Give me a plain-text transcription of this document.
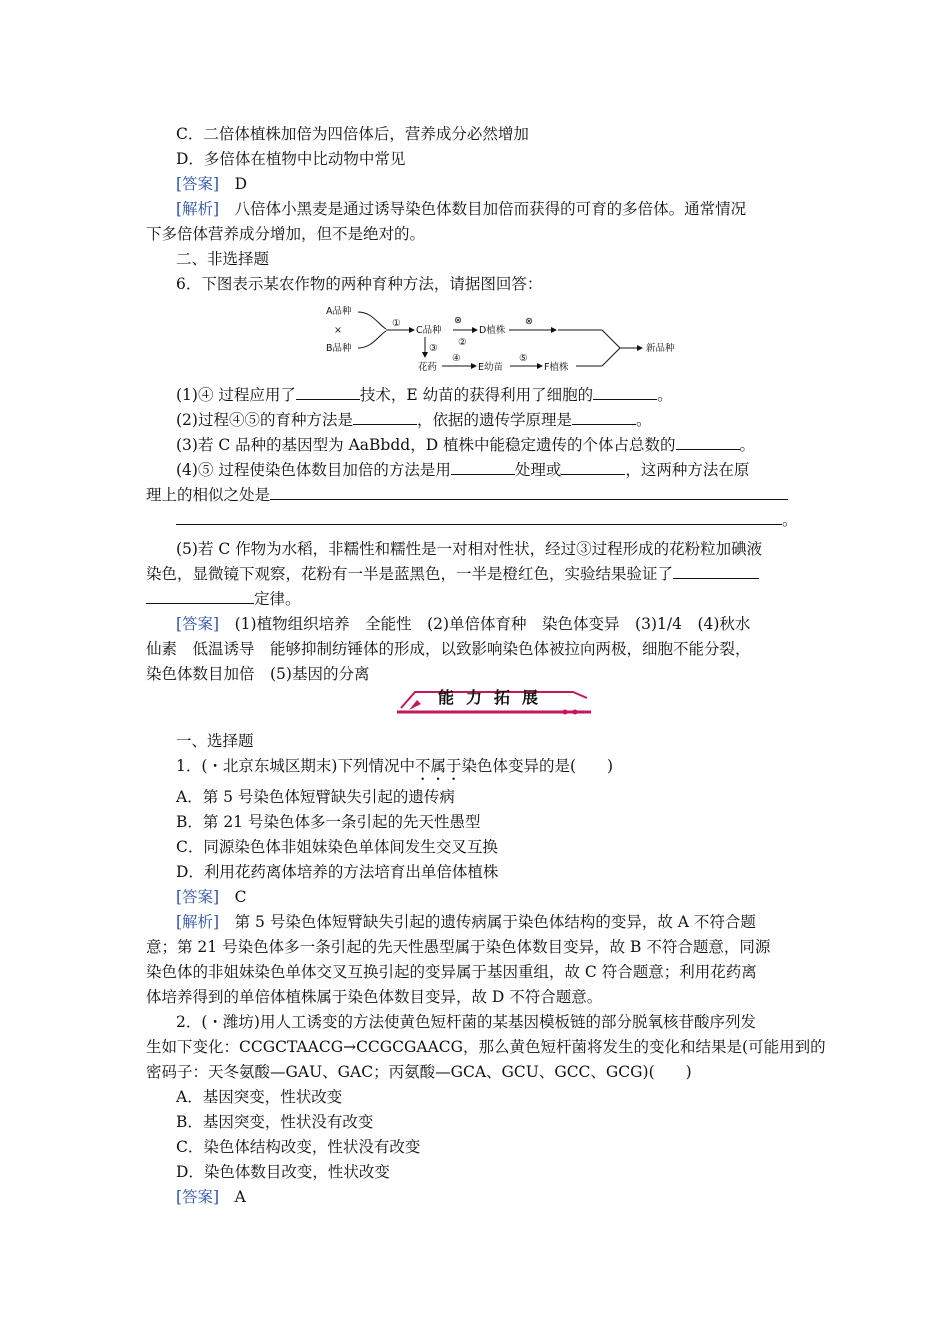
C．二倍体植株加倍为四倍体后，营养成分必然增加
D．多倍体在植物中比动物中常见
[答案]　 D
[解析]　 八倍体小黑麦是通过诱导染色体数目加倍而获得的可育的多倍体。通常情况
下多倍体营养成分增加，但不是绝对的。
二、非选择题
6．下图表示某农作物的两种育种方法，请据图回答：
A品种
×
B品种
①
C品种
⊗
②
D植株
③
花药
④
E幼苗
⑤
F植株
⊗
新品种
(1)④ 过程应用了	技术，E 幼苗的获得利用了细胞的	。
(2)过程④⑤的育种方法是	，依据的遗传学原理是	。
(3)若 C 品种的基因型为 AaBbdd，D 植株中能稳定遗传的个体占总数的	。
(4)⑤ 过程使染色体数目加倍的方法是用	处理或	，这两种方法在原
理上的相似之处是
。
(5)若 C 作物为水稻，非糯性和糯性是一对相对性状，经过③过程形成的花粉粒加碘液
染色，显微镜下观察，花粉有一半是蓝黑色，一半是橙红色，实验结果验证了
定律。
[答案]　 (1)植物组织培养　全能性　(2)单倍体育种　染色体变异　(3)1/4　(4)秋水
仙素　低温诱导　能够抑制纺锤体的形成，以致影响染色体被拉向两极，细胞不能分裂，
染色体数目加倍　(5)基因的分离
能力拓展
一、选择题
1．(・北京东城区期末)下列情况中不属于染色体变异的是(　　)
A．第 5 号染色体短臂缺失引起的遗传病
B．第 21 号染色体多一条引起的先天性愚型
C．同源染色体非姐妹染色单体间发生交叉互换
D．利用花药离体培养的方法培育出单倍体植株
[答案]　 C
[解析]　 第 5 号染色体短臂缺失引起的遗传病属于染色体结构的变异，故 A 不符合题
意；第 21 号染色体多一条引起的先天性愚型属于染色体数目变异，故 B 不符合题意，同源
染色体的非姐妹染色单体交叉互换引起的变异属于基因重组，故 C 符合题意；利用花药离
体培养得到的单倍体植株属于染色体数目变异，故 D 不符合题意。
2．(・潍坊)用人工诱变的方法使黄色短杆菌的某基因模板链的部分脱氧核苷酸序列发
生如下变化：CCGCTAACG→CCGCGAACG，那么黄色短杆菌将发生的变化和结果是(可能用到的
密码子：天冬氨酸—GAU、GAC；丙氨酸—GCA、GCU、GCC、GCG)(　　)
A．基因突变，性状改变
B．基因突变，性状没有改变
C．染色体结构改变，性状没有改变
D．染色体数目改变，性状改变
[答案]　 A
